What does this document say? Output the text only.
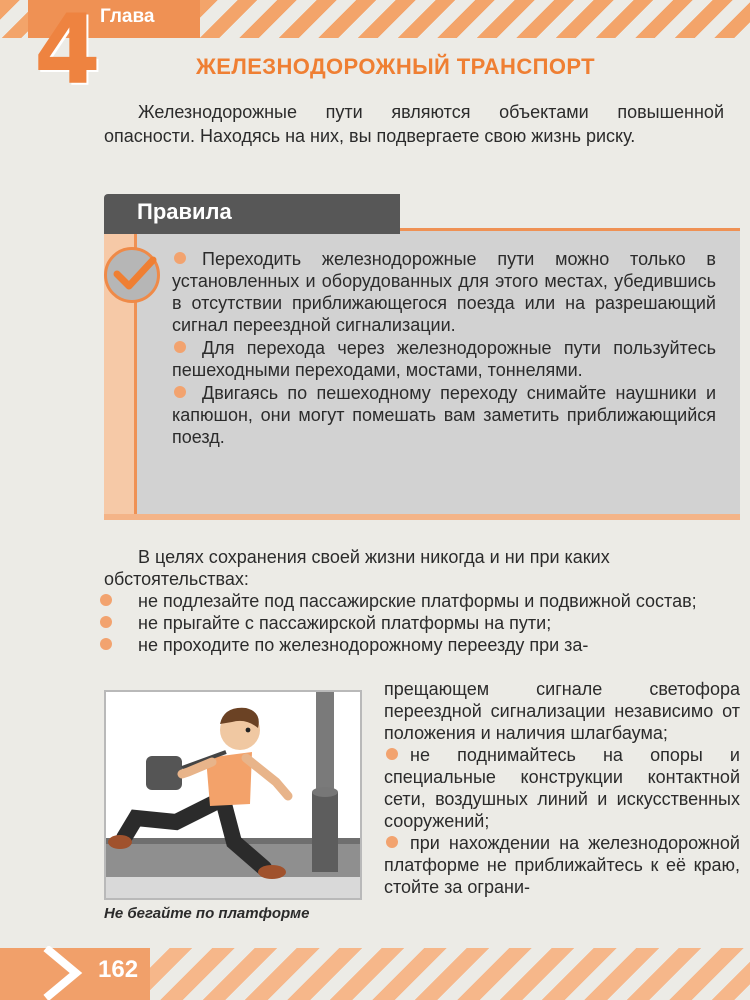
Глава
4	ЖЕЛЕЗНОДОРОЖНЫЙ ТРАНСПОРТ

Железнодорожные пути являются объектами повышенной опасности. Находясь на них, вы подвергаете свою жизнь риску.

Правила
Переходить железнодорожные пути можно только в установленных и оборудованных для этого местах, убедившись в отсутствии приближающегося поезда или на разрешающий сигнал переездной сигнализации.
Для перехода через железнодорожные пути пользуйтесь пешеходными переходами, мостами, тоннелями.
Двигаясь по пешеходному переходу снимайте наушники и капюшон, они могут помешать вам заметить приближающийся поезд.

В целях сохранения своей жизни никогда и ни при каких обстоятельствах:

не подлезайте под пассажирские платформы и подвижной состав;
не прыгайте с пассажирской платформы на пути;
не проходите по железнодорожному переезду при за-

прещающем сигнале светофора переездной сигнализации независимо от положения и наличия шлагбаума;

не поднимайтесь на опоры и специальные конструкции контактной сети, воздушных линий и искусственных сооружений;
при нахождении на железнодорожной платформе не приближайтесь к её краю, стойте за ограни-
Не бегайте по платформе
162
